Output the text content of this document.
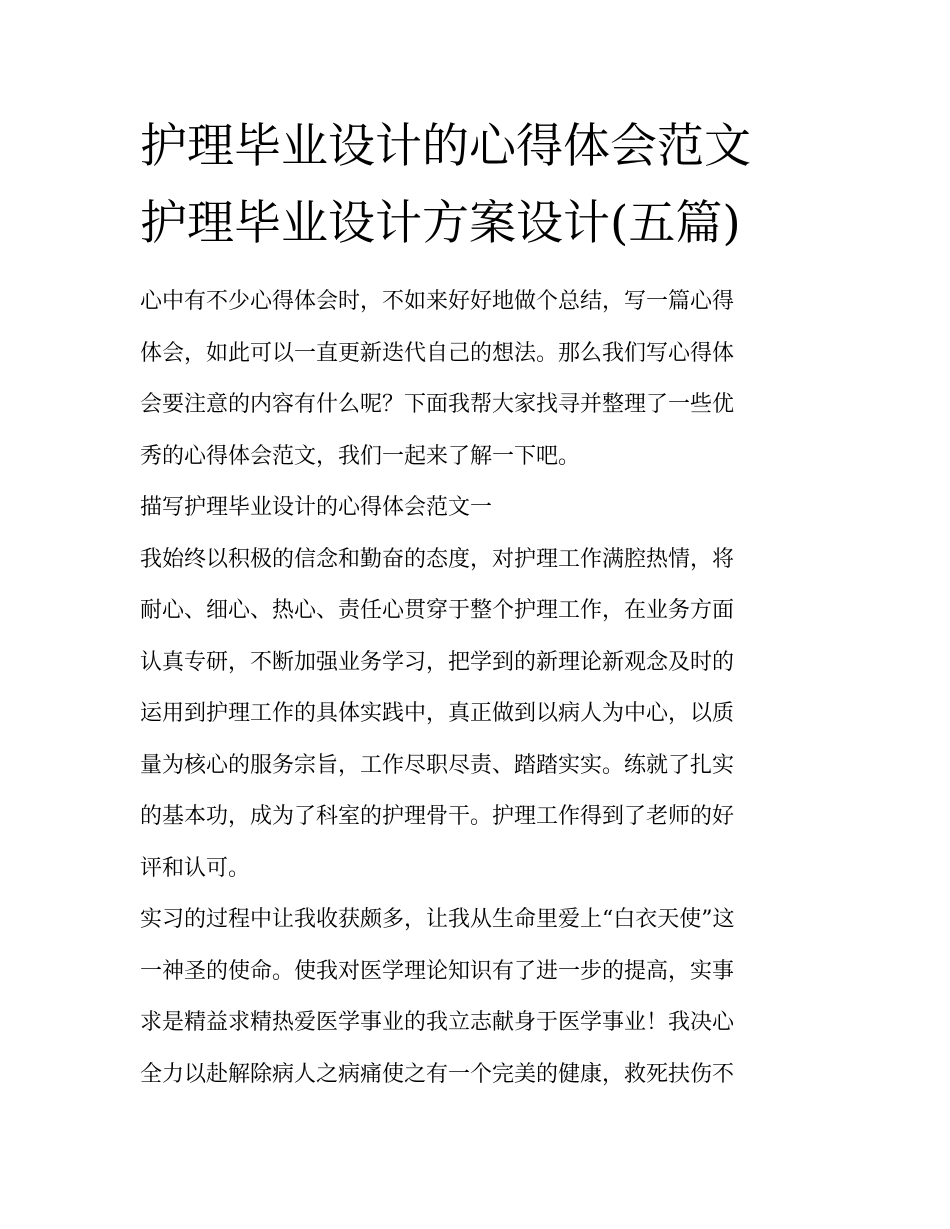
护理毕业设计的心得体会范文
护理毕业设计方案设计(五篇)
心中有不少心得体会时，不如来好好地做个总结，写一篇心得
体会，如此可以一直更新迭代自己的想法。那么我们写心得体
会要注意的内容有什么呢？下面我帮大家找寻并整理了一些优
秀的心得体会范文，我们一起来了解一下吧。
描写护理毕业设计的心得体会范文一
我始终以积极的信念和勤奋的态度，对护理工作满腔热情，将
耐心、细心、热心、责任心贯穿于整个护理工作，在业务方面
认真专研，不断加强业务学习，把学到的新理论新观念及时的
运用到护理工作的具体实践中，真正做到以病人为中心，以质
量为核心的服务宗旨，工作尽职尽责、踏踏实实。练就了扎实
的基本功，成为了科室的护理骨干。护理工作得到了老师的好
评和认可。
实习的过程中让我收获颇多，让我从生命里爱上“白衣天使”这
一神圣的使命。使我对医学理论知识有了进一步的提高，实事
求是精益求精热爱医学事业的我立志献身于医学事业！我决心
全力以赴解除病人之病痛使之有一个完美的健康，救死扶伤不
